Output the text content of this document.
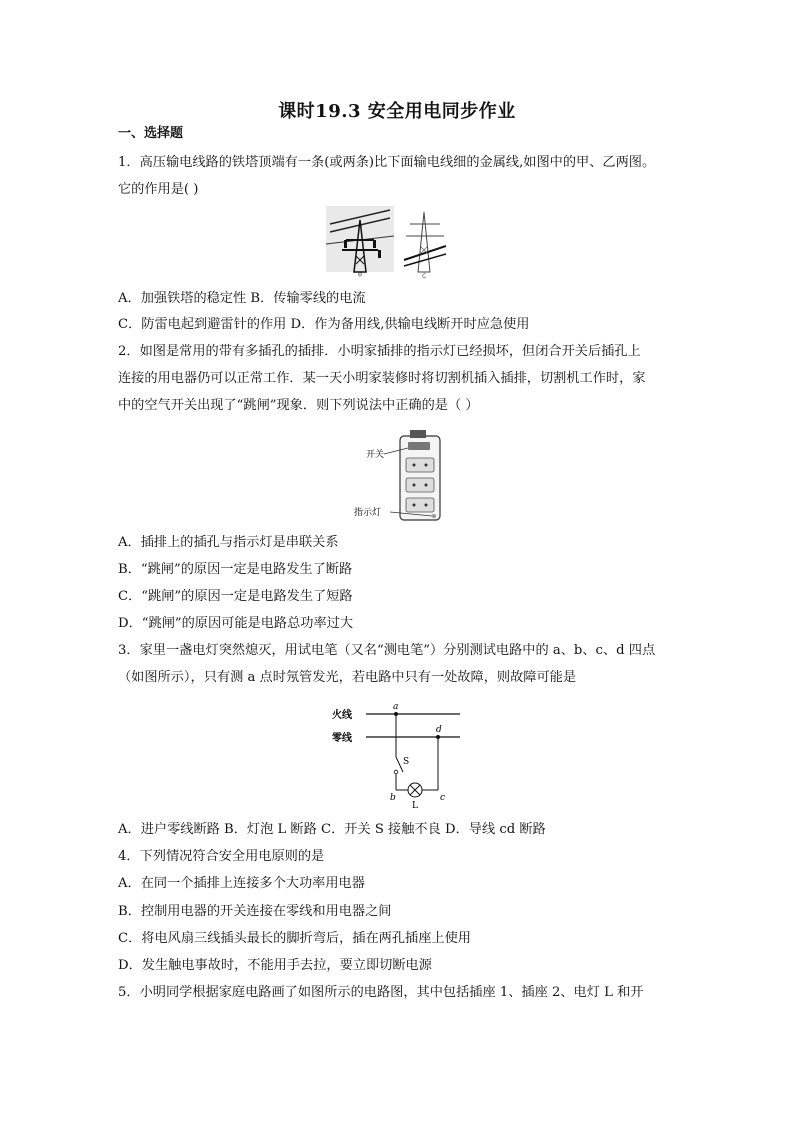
课时19.3 安全用电同步作业
一、选择题
1．高压输电线路的铁塔顶端有一条(或两条)比下面输电线细的金属线,如图中的甲、乙两图。
它的作用是( )
甲	乙
A．加强铁塔的稳定性 B．传输零线的电流
C．防雷电起到避雷针的作用 D．作为备用线,供输电线断开时应急使用
2．如图是常用的带有多插孔的插排．小明家插排的指示灯已经损坏，但闭合开关后插孔上
连接的用电器仍可以正常工作．某一天小明家装修时将切割机插入插排，切割机工作时，家
中的空气开关出现了“跳闸”现象．则下列说法中正确的是（ ）
开关
指示灯
A．插排上的插孔与指示灯是串联关系
B．“跳闸”的原因一定是电路发生了断路
C．“跳闸”的原因一定是电路发生了短路
D．“跳闸”的原因可能是电路总功率过大
3．家里一盏电灯突然熄灭，用试电笔（又名“测电笔”）分别测试电路中的 a、b、c、d 四点
（如图所示），只有测 a 点时氖管发光，若电路中只有一处故障，则故障可能是
火线
零线
a
d
S
b	c
L
A．进户零线断路 B．灯泡 L 断路 C．开关 S 接触不良 D．导线 cd 断路
4．下列情况符合安全用电原则的是
A．在同一个插排上连接多个大功率用电器
B．控制用电器的开关连接在零线和用电器之间
C．将电风扇三线插头最长的脚折弯后，插在两孔插座上使用
D．发生触电事故时，不能用手去拉，要立即切断电源
5．小明同学根据家庭电路画了如图所示的电路图，其中包括插座 1、插座 2、电灯 L 和开
